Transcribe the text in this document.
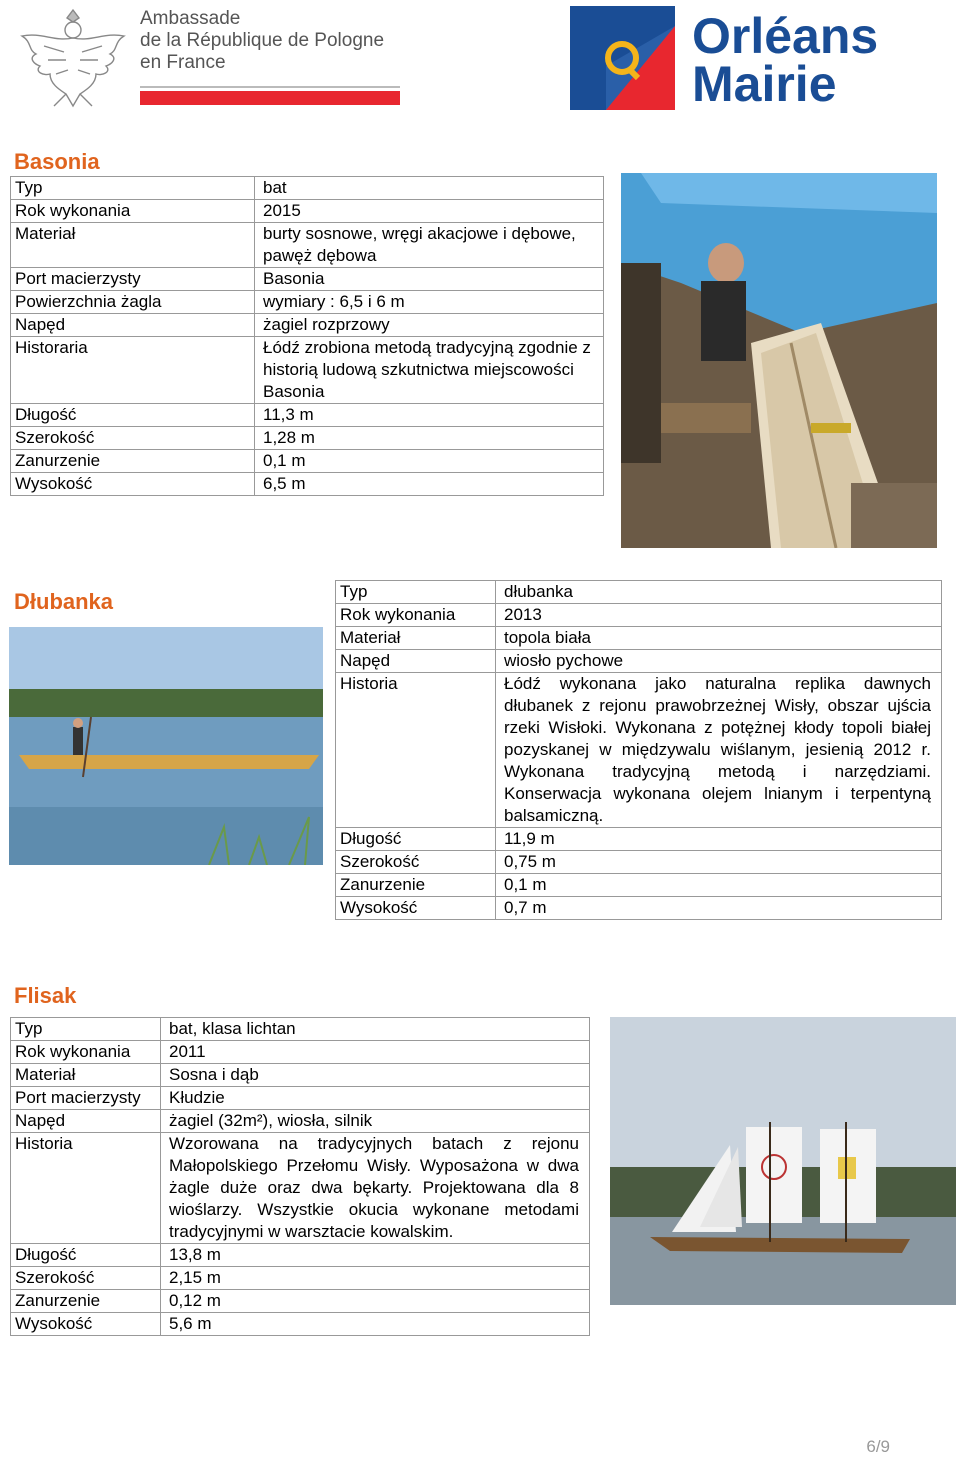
Ambassade
de la République de Pologne
en France	Orléans
Mairie
Basonia
Typ	bat
Rok wykonania	2015
Materiał	burty sosnowe, wręgi akacjowe i dębowe, pawęż dębowa
Port macierzysty	Basonia
Powierzchnia żagla	wymiary : 6,5 i 6 m
Napęd	żagiel rozprzowy
Historaria	Łódź zrobiona metodą tradycyjną zgodnie z historią ludową szkutnictwa miejscowości Basonia
Długość	11,3 m
Szerokość	1,28 m
Zanurzenie	0,1 m
Wysokość	6,5 m
Dłubanka	Typ	dłubanka
Rok wykonania	2013
Materiał	topola biała
Napęd	wiosło pychowe
Historia	Łódź wykonana jako naturalna replika dawnych dłubanek z rejonu prawobrzeżnej Wisły, obszar ujścia rzeki Wisłoki. Wykonana z potężnej kłody topoli białej pozyskanej w międzywalu wiślanym, jesienią 2012 r. Wykonana tradycyjną metodą i narzędziami. Konserwacja wykonana olejem lnianym i terpentyną balsamiczną.
Długość	11,9 m
Szerokość	0,75 m
Zanurzenie	0,1 m
Wysokość	0,7 m
Flisak
Typ	bat, klasa lichtan
Rok wykonania	2011
Materiał	Sosna i dąb
Port macierzysty	Kłudzie
Napęd	żagiel (32m²), wiosła, silnik
Historia	Wzorowana na tradycyjnych batach z rejonu Małopolskiego Przełomu Wisły. Wyposażona w dwa żagle duże oraz dwa bękarty. Projektowana dla 8 wioślarzy. Wszystkie okucia wykonane metodami tradycyjnymi w warsztacie kowalskim.
Długość	13,8 m
Szerokość	2,15 m
Zanurzenie	0,12 m
Wysokość	5,6 m
6/9
